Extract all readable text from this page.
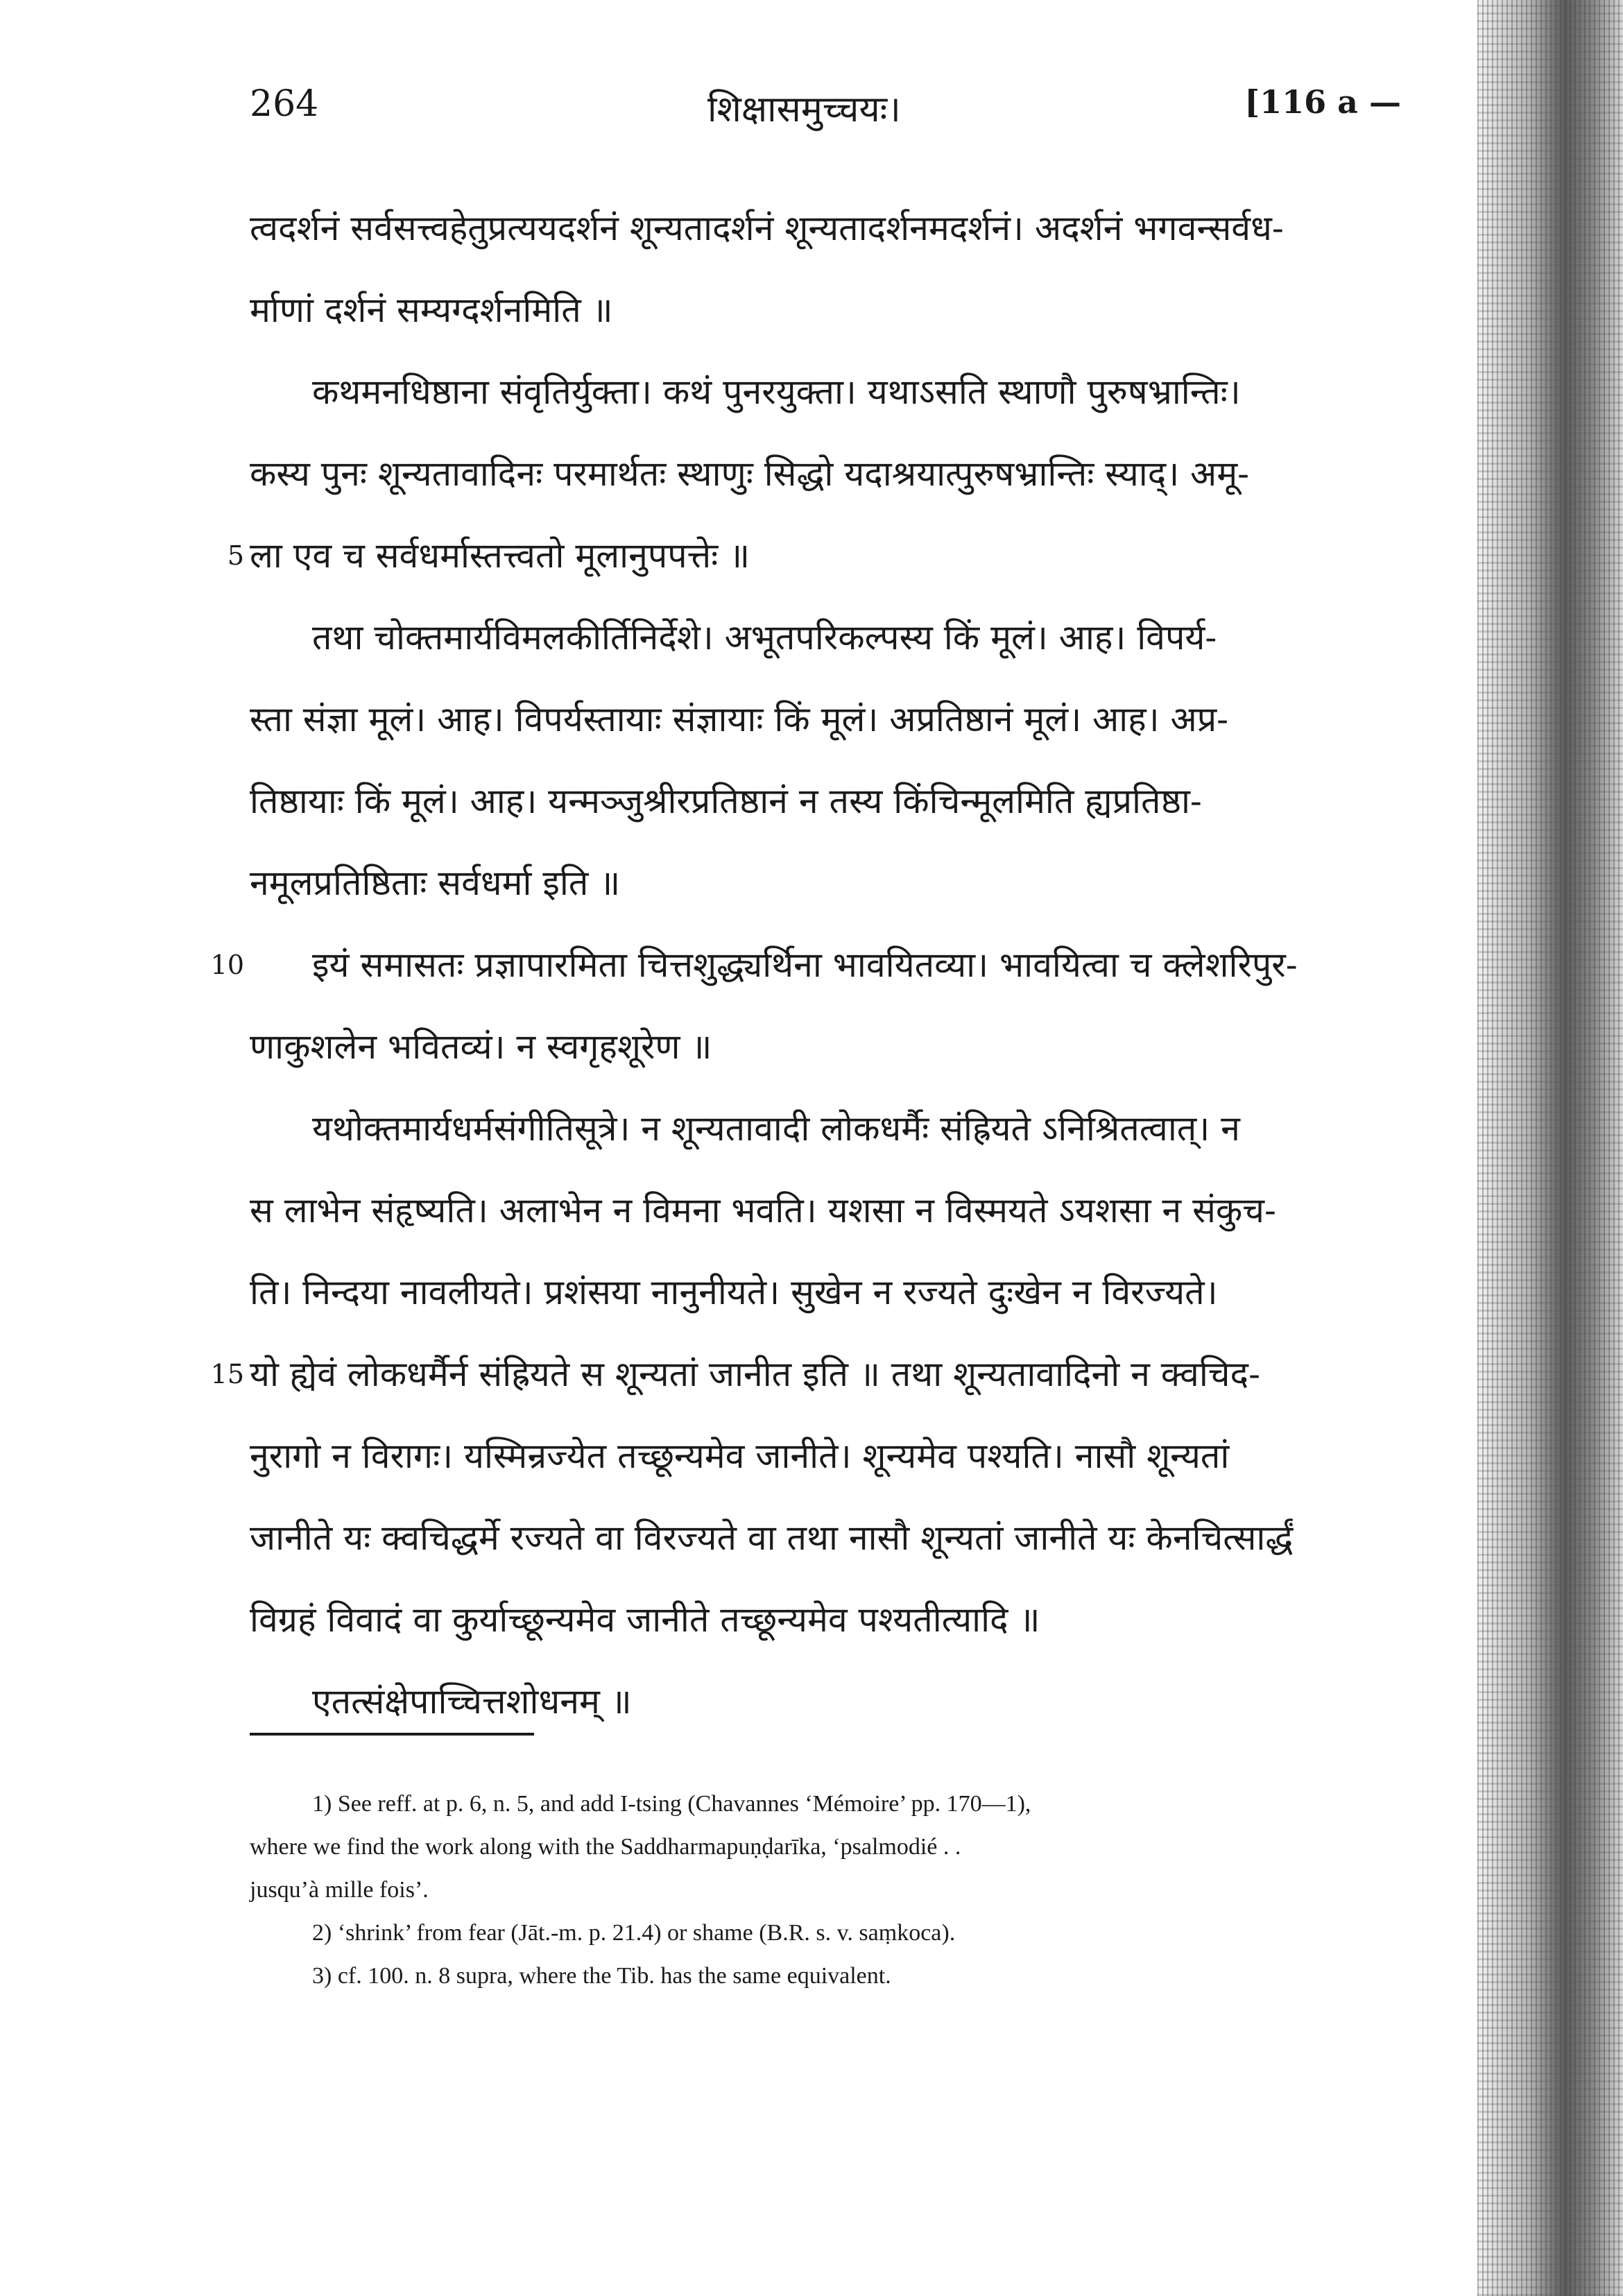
264	शिक्षासमुच्चयः।	[116 a —
त्वदर्शनं सर्वसत्त्वहेतुप्रत्ययदर्शनं शून्यतादर्शनं शून्यतादर्शनमदर्शनं। अदर्शनं भगवन्सर्वध-
र्माणां दर्शनं सम्यग्दर्शनमिति ॥
कथमनधिष्ठाना संवृतिर्युक्ता। कथं पुनरयुक्ता। यथाऽसति स्थाणौ पुरुषभ्रान्तिः।
कस्य पुनः शून्यतावादिनः परमार्थतः स्थाणुः सिद्धो यदाश्रयात्पुरुषभ्रान्तिः स्याद्। अमू-
5 ला एव च सर्वधर्मास्तत्त्वतो मूलानुपपत्तेः ॥
तथा चोक्तमार्यविमलकीर्तिनिर्देशे। अभूतपरिकल्पस्य किं मूलं। आह। विपर्य-
स्ता संज्ञा मूलं। आह। विपर्यस्तायाः संज्ञायाः किं मूलं। अप्रतिष्ठानं मूलं। आह। अप्र-
तिष्ठायाः किं मूलं। आह। यन्मञ्जुश्रीरप्रतिष्ठानं न तस्य किंचिन्मूलमिति ह्यप्रतिष्ठा-
नमूलप्रतिष्ठिताः सर्वधर्मा इति ॥
10 इयं समासतः प्रज्ञापारमिता चित्तशुद्ध्यर्थिना भावयितव्या। भावयित्वा च क्लेशरिपुर-
णाकुशलेन भवितव्यं। न स्वगृहशूरेण ॥
यथोक्तमार्यधर्मसंगीतिसूत्रे। न शून्यतावादी लोकधर्मैः संह्रियते ऽनिश्रितत्वात्। न
स लाभेन संहृष्यति। अलाभेन न विमना भवति। यशसा न विस्मयते ऽयशसा न संकुच-
ति। निन्दया नावलीयते। प्रशंसया नानुनीयते। सुखेन न रज्यते दुःखेन न विरज्यते।
15 यो ह्येवं लोकधर्मैर्न संह्रियते स शून्यतां जानीत इति ॥ तथा शून्यतावादिनो न क्वचिद-
नुरागो न विरागः। यस्मिन्रज्येत तच्छून्यमेव जानीते। शून्यमेव पश्यति। नासौ शून्यतां
जानीते यः क्वचिद्धर्मे रज्यते वा विरज्यते वा तथा नासौ शून्यतां जानीते यः केनचित्सार्द्धं
विग्रहं विवादं वा कुर्याच्छून्यमेव जानीते तच्छून्यमेव पश्यतीत्यादि ॥
एतत्संक्षेपाच्चित्तशोधनम् ॥
1) See reff. at p. 6, n. 5, and add I-tsing (Chavannes ‘Mémoire’ pp. 170—1),
where we find the work along with the Saddharmapuṇḍarīka, ‘psalmodié . .
jusqu’à mille fois’.
2) ‘shrink’ from fear (Jāt.-m. p. 21.4) or shame (B.R. s. v. saṃkoca).
3) cf. 100. n. 8 supra, where the Tib. has the same equivalent.
